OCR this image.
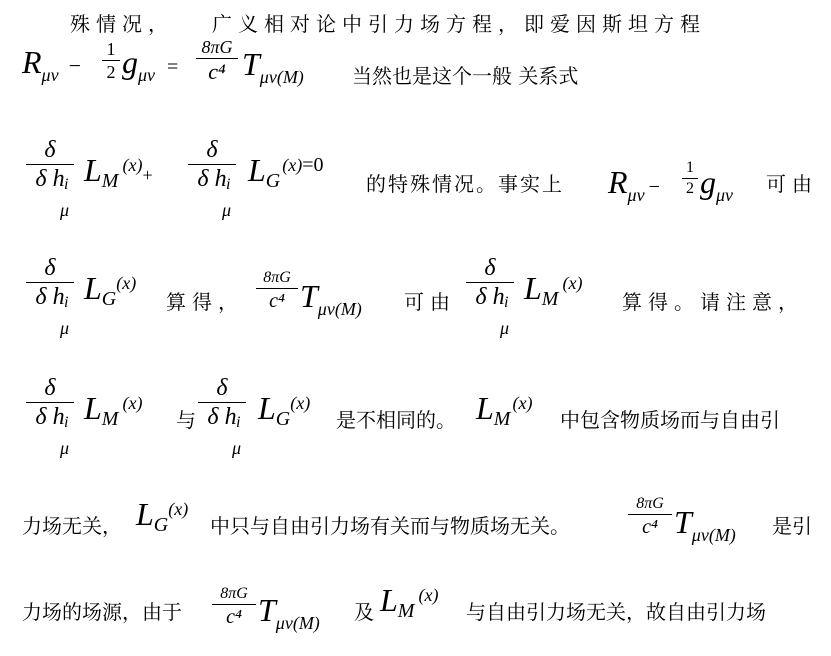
殊情况， 广义相对论中引力场方程，即爱因斯坦方程
Rμν −
1
2 gμν =
8πG
c⁴ Tμν(M) 当然也是这个一般 关系式
δ
δ h i
μ
LM(x)+
δ
δ h i
μ
LG(x)=0
的特殊情况。事实上 Rμν −
1
2 gμν 可由
δ
δ h i
μ
LG(x)
算得，
8πG
c⁴ Tμν(M) 可由
δ
δ h i
μ
LM(x)
算得。请注意，
δ
δ h i
μ
LM(x)
与
δ
δ h i
μ
LG(x)
是不相同的。 LM(x)
中包含物质场而与自由引
力场无关， LG(x)
中只与自由引力场有关而与物质场无关。
8πG
c⁴ Tμν(M) 是引
力场的场源，由于
8πG
c⁴ Tμν(M) 及 LM(x)
与自由引力场无关，故自由引力场
